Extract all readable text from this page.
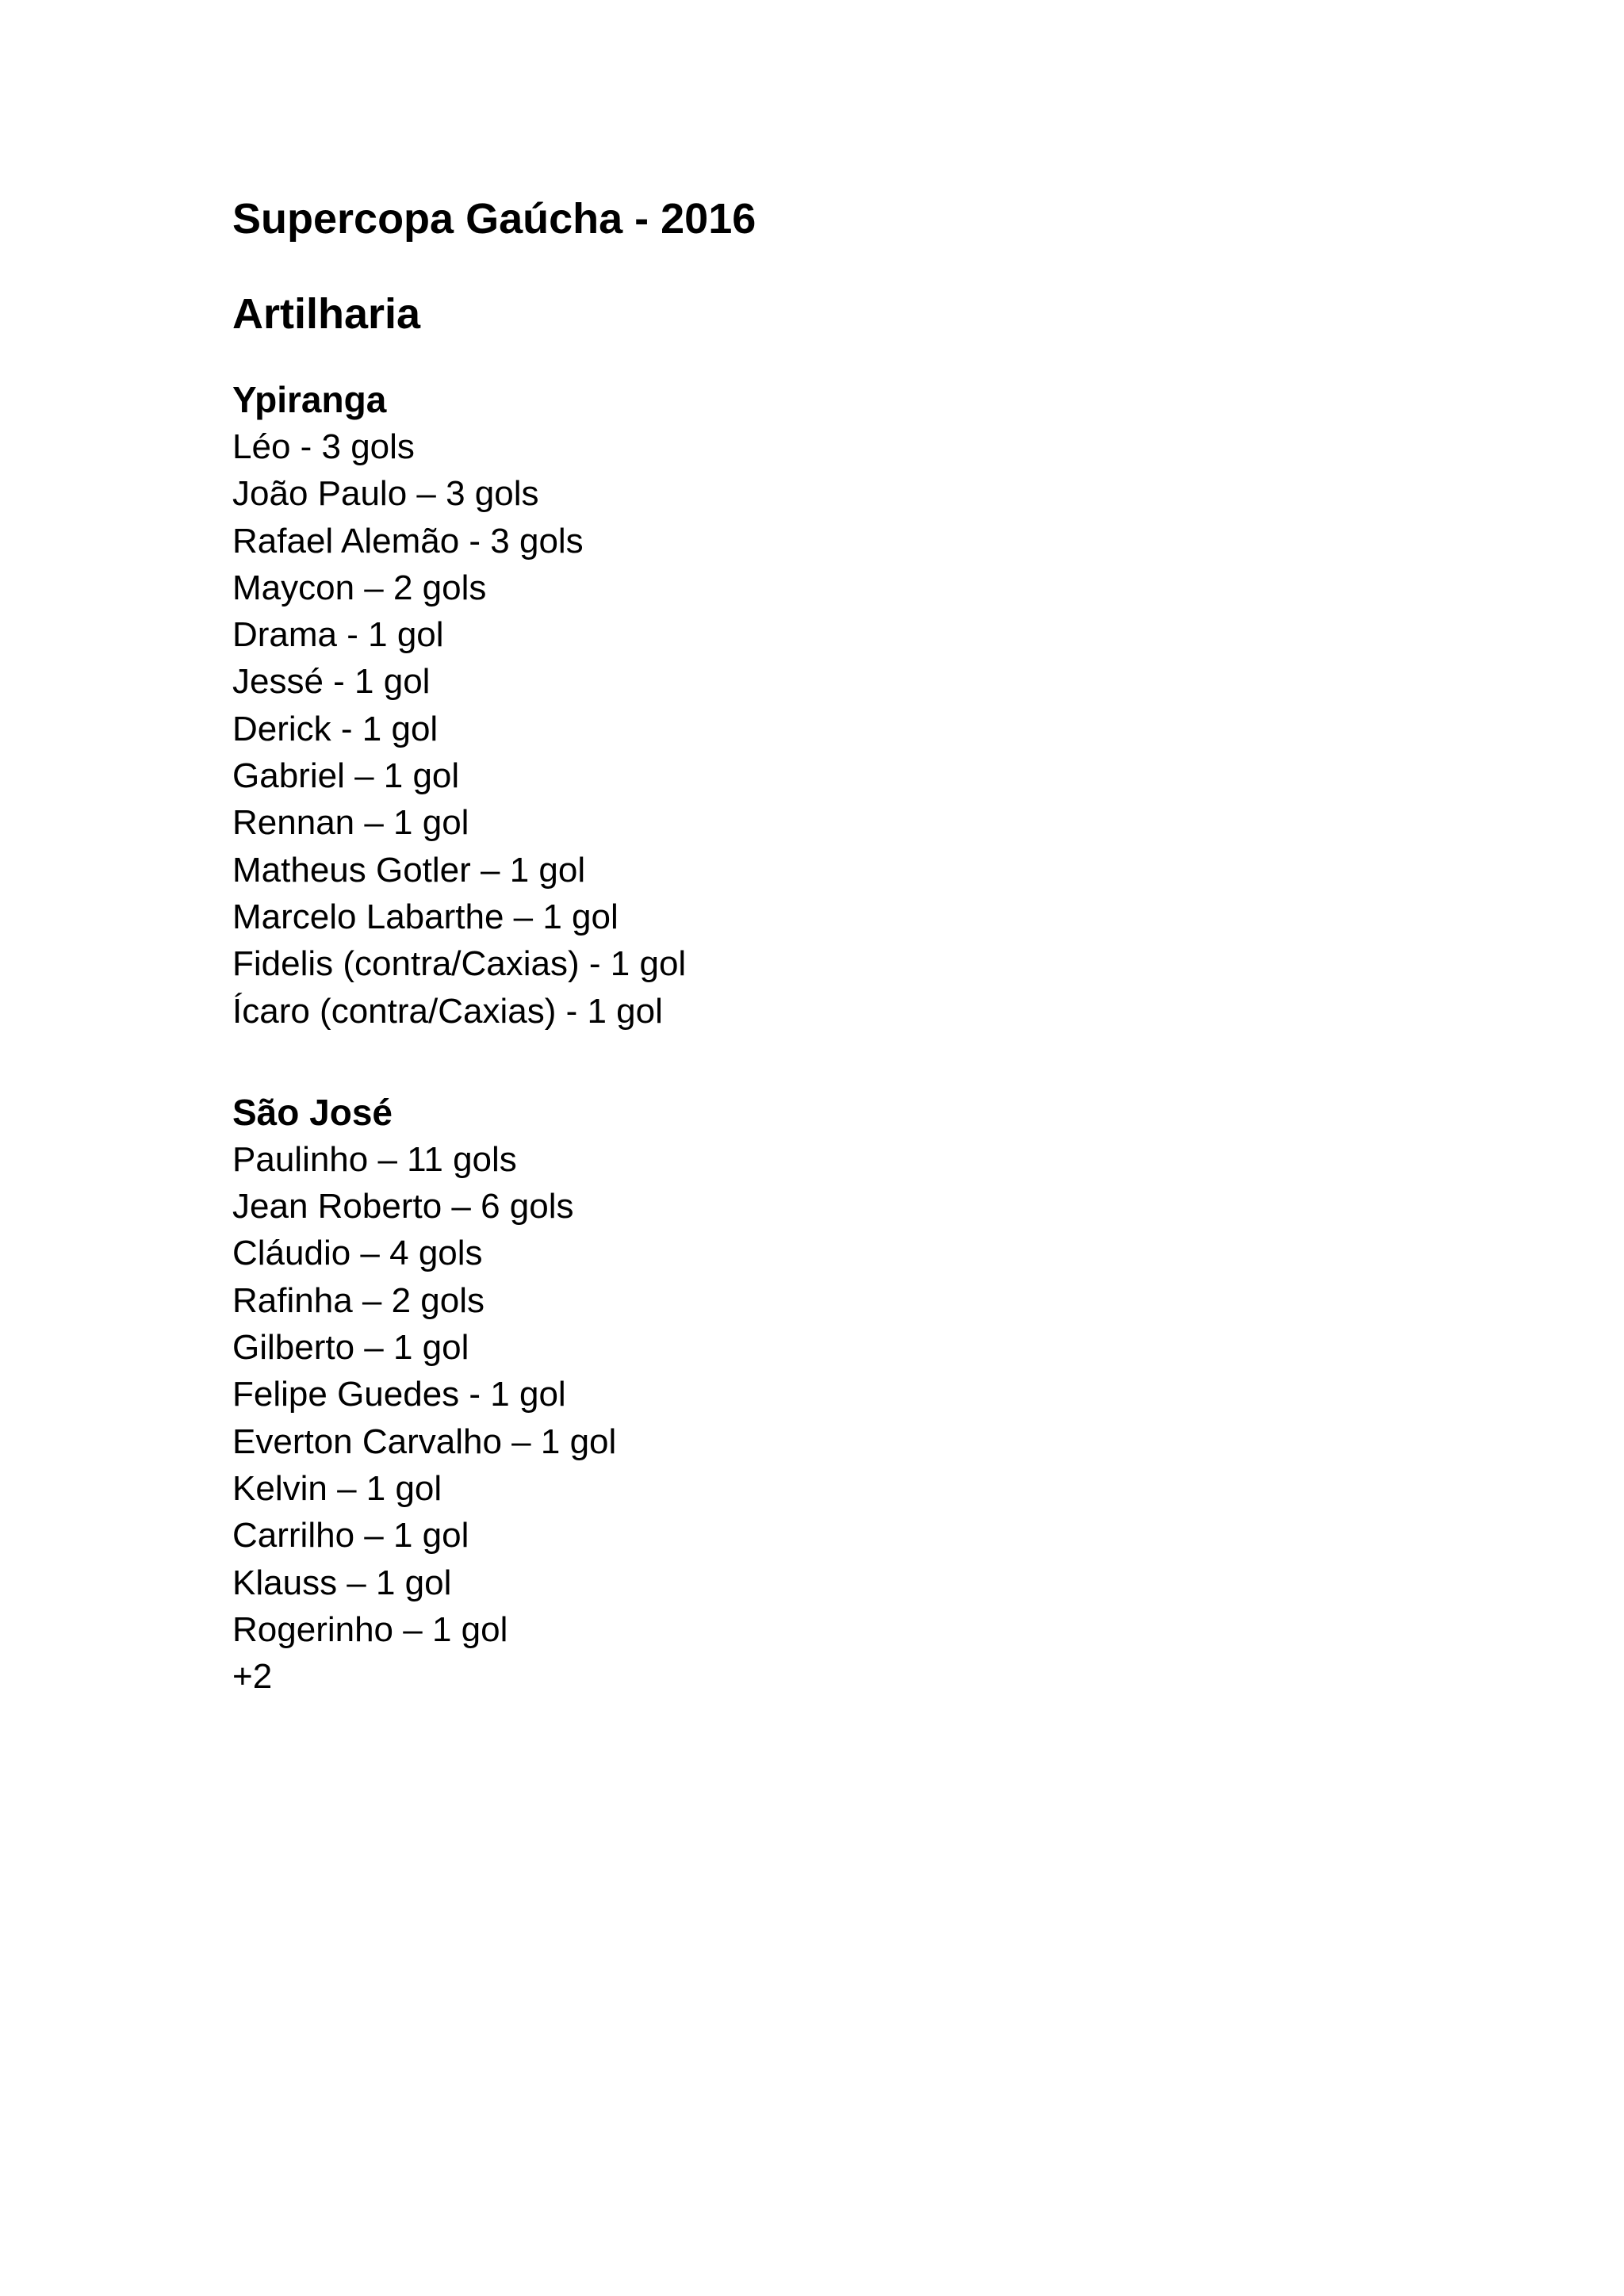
Supercopa Gaúcha - 2016
Artilharia
Ypiranga
Léo - 3 gols
João Paulo – 3 gols
Rafael Alemão - 3 gols
Maycon – 2 gols
Drama - 1 gol
Jessé - 1 gol
Derick - 1 gol
Gabriel – 1 gol
Rennan – 1 gol
Matheus Gotler – 1 gol
Marcelo Labarthe – 1 gol
Fidelis (contra/Caxias) - 1 gol
Ícaro (contra/Caxias) - 1 gol
São José
Paulinho – 11 gols
Jean Roberto – 6 gols
Cláudio – 4 gols
Rafinha – 2 gols
Gilberto – 1 gol
Felipe Guedes - 1 gol
Everton Carvalho – 1 gol
Kelvin – 1 gol
Carrilho – 1 gol
Klauss – 1 gol
Rogerinho – 1 gol
+2
